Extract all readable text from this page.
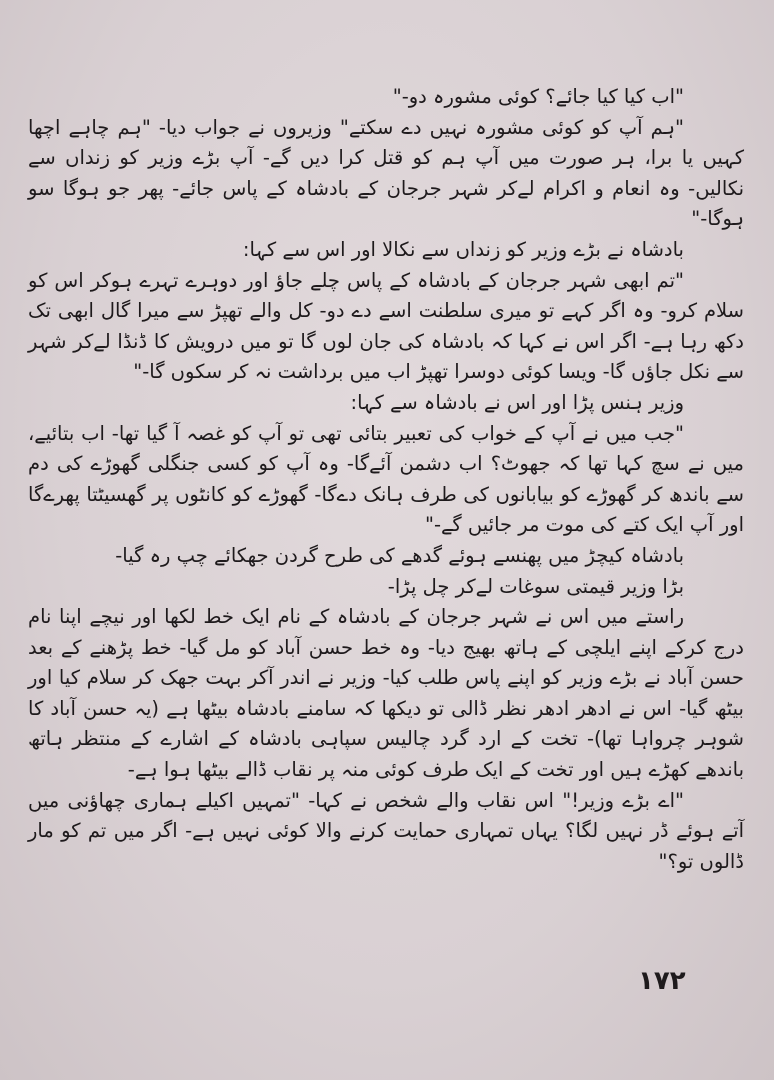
"اب کیا کیا جائے؟ کوئی مشورہ دو-"

"ہم آپ کو کوئی مشورہ نہیں دے سکتے" وزیروں نے جواب دیا- "ہم چاہے اچھا کہیں یا برا، ہر صورت میں آپ ہم کو قتل کرا دیں گے- آپ بڑے وزیر کو زنداں سے نکالیں- وہ انعام و اکرام لےکر شہر جرجان کے بادشاہ کے پاس جائے- پھر جو ہوگا سو ہوگا-"

بادشاہ نے بڑے وزیر کو زنداں سے نکالا اور اس سے کہا:

"تم ابھی شہر جرجان کے بادشاہ کے پاس چلے جاؤ اور دوہرے تہرے ہوکر اس کو سلام کرو- وہ اگر کہے تو میری سلطنت اسے دے دو- کل والے تھپڑ سے میرا گال ابھی تک دکھ رہا ہے- اگر اس نے کہا کہ بادشاہ کی جان لوں گا تو میں درویش کا ڈنڈا لےکر شہر سے نکل جاؤں گا- ویسا کوئی دوسرا تھپڑ اب میں برداشت نہ کر سکوں گا-"

وزیر ہنس پڑا اور اس نے بادشاہ سے کہا:

"جب میں نے آپ کے خواب کی تعبیر بتائی تھی تو آپ کو غصہ آ گیا تھا- اب بتائیے، میں نے سچ کہا تھا کہ جھوٹ؟ اب دشمن آئےگا- وہ آپ کو کسی جنگلی گھوڑے کی دم سے باندھ کر گھوڑے کو بیابانوں کی طرف ہانک دےگا- گھوڑے کو کانٹوں پر گھسیٹتا پھرےگا اور آپ ایک کتے کی موت مر جائیں گے-"

بادشاہ کیچڑ میں پھنسے ہوئے گدھے کی طرح گردن جھکائے چپ رہ گیا-

بڑا وزیر قیمتی سوغات لےکر چل پڑا-

راستے میں اس نے شہر جرجان کے بادشاہ کے نام ایک خط لکھا اور نیچے اپنا نام درج کرکے اپنے ایلچی کے ہاتھ بھیج دیا- وہ خط حسن آباد کو مل گیا- خط پڑھنے کے بعد حسن آباد نے بڑے وزیر کو اپنے پاس طلب کیا- وزیر نے اندر آکر بہت جھک کر سلام کیا اور بیٹھ گیا- اس نے ادھر ادھر نظر ڈالی تو دیکھا کہ سامنے بادشاہ بیٹھا ہے (یہ حسن آباد کا شوہر چرواہا تھا)- تخت کے ارد گرد چالیس سپاہی بادشاہ کے اشارے کے منتظر ہاتھ باندھے کھڑے ہیں اور تخت کے ایک طرف کوئی منہ پر نقاب ڈالے بیٹھا ہوا ہے-

"اے بڑے وزیر!" اس نقاب والے شخص نے کہا- "تمہیں اکیلے ہماری چھاؤنی میں آتے ہوئے ڈر نہیں لگا؟ یہاں تمہاری حمایت کرنے والا کوئی نہیں ہے- اگر میں تم کو مار ڈالوں تو؟"

۱۷۲
